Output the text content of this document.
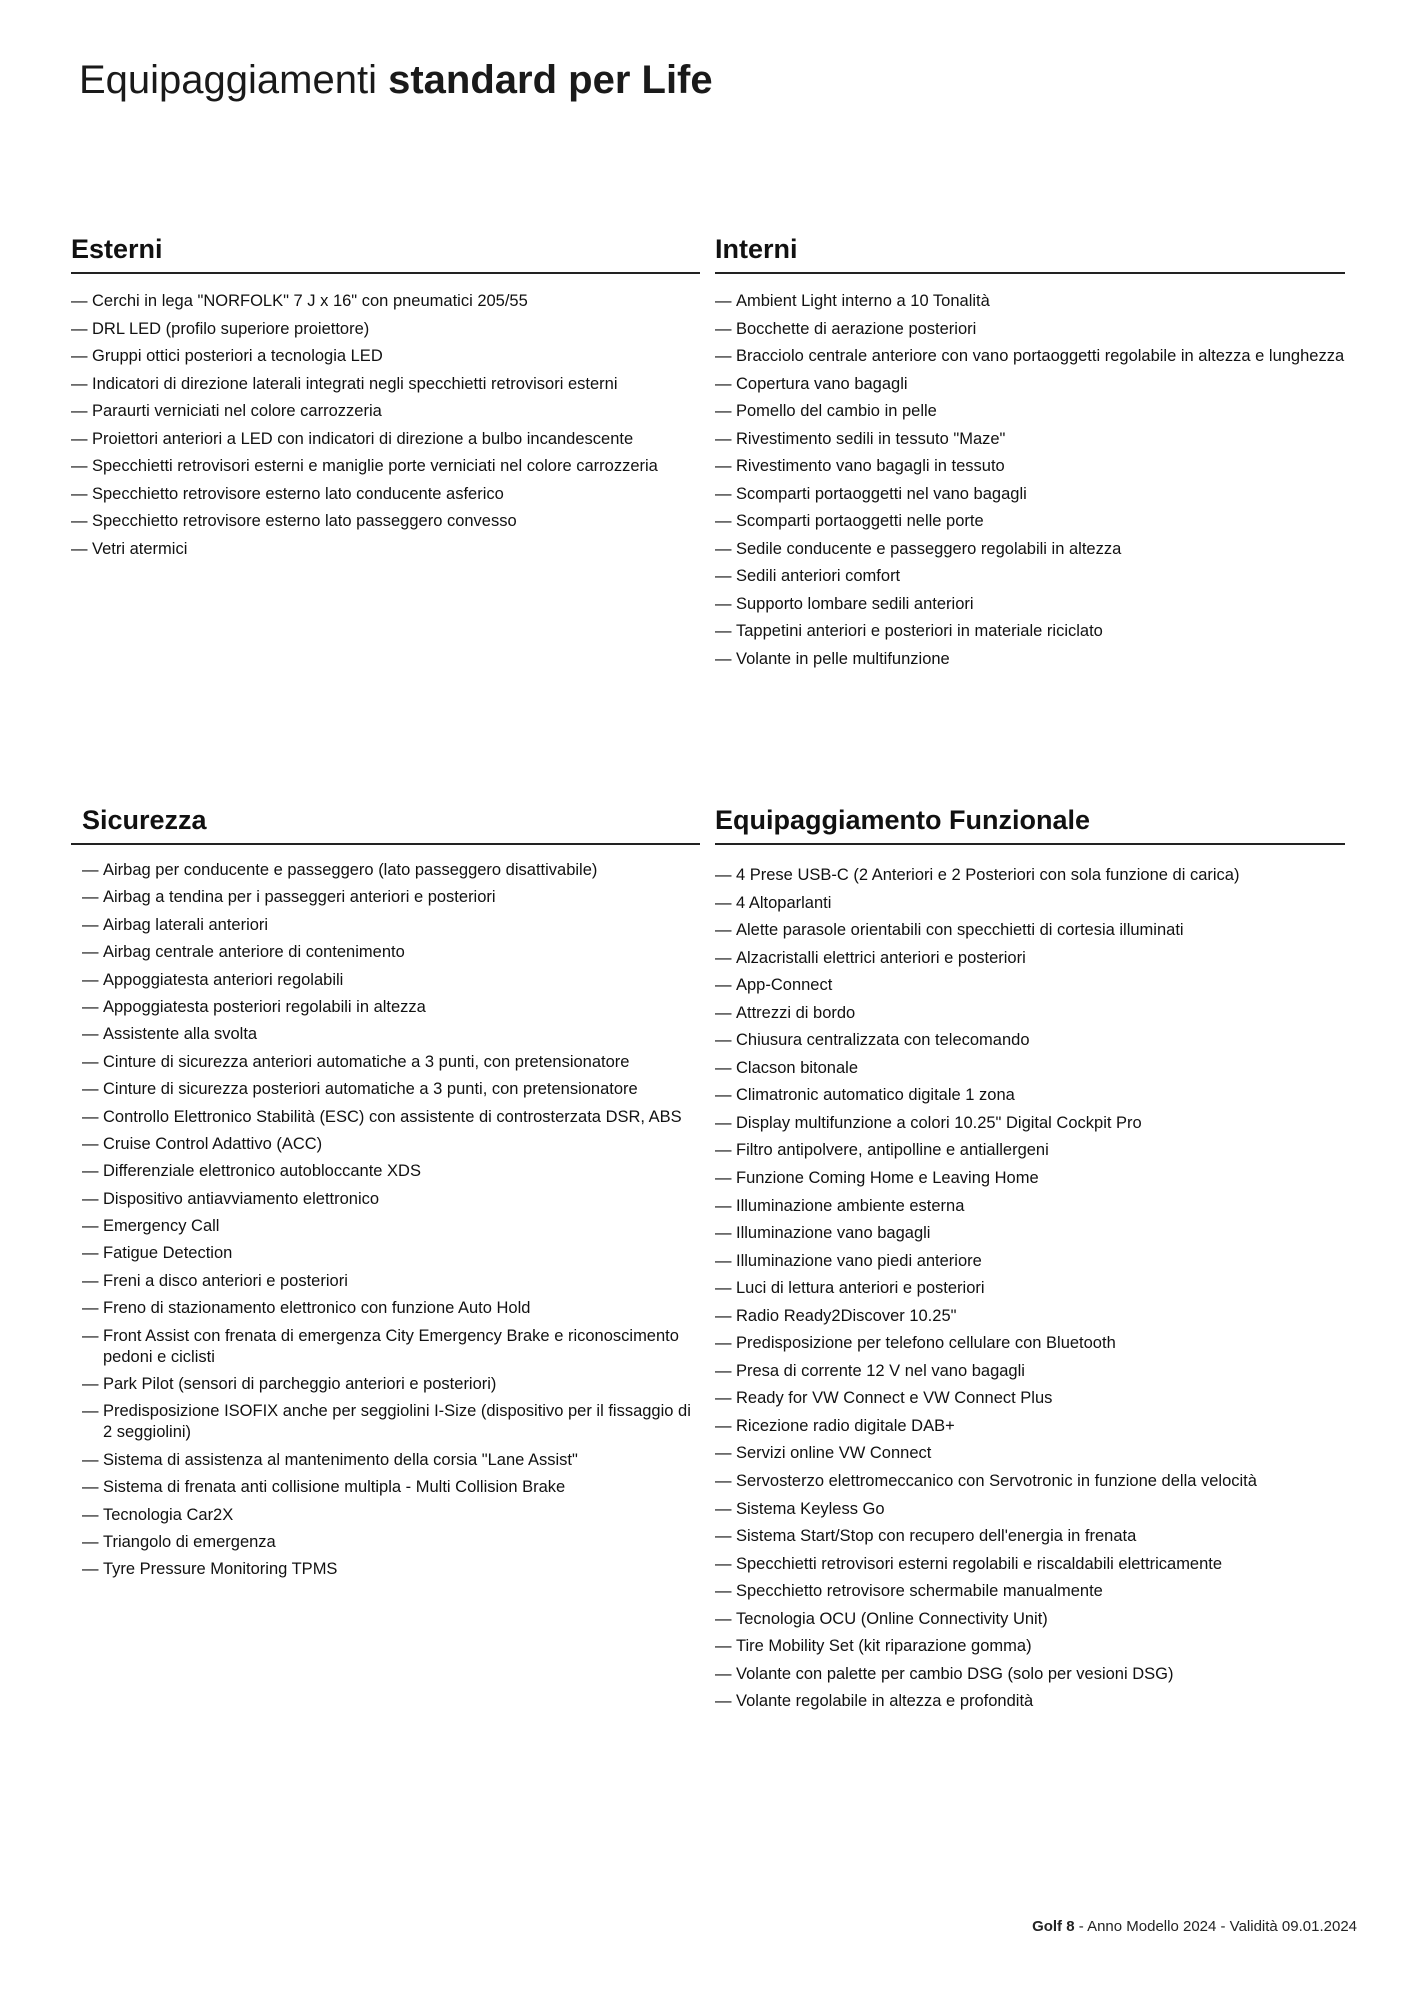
Equipaggiamenti standard per Life
Esterni
— Cerchi in lega "NORFOLK" 7 J x 16" con pneumatici 205/55
— DRL LED (profilo superiore proiettore)
— Gruppi ottici posteriori a tecnologia LED
— Indicatori di direzione laterali integrati negli specchietti retrovisori esterni
— Paraurti verniciati nel colore carrozzeria
— Proiettori anteriori a LED con indicatori di direzione a bulbo incandescente
— Specchietti retrovisori esterni e maniglie porte verniciati nel colore carrozzeria
— Specchietto retrovisore esterno lato conducente asferico
— Specchietto retrovisore esterno lato passeggero convesso
— Vetri atermici
Interni
— Ambient Light interno a 10 Tonalità
— Bocchette di aerazione posteriori
— Bracciolo centrale anteriore con vano portaoggetti regolabile in altezza e lunghezza
— Copertura vano bagagli
— Pomello del cambio in pelle
— Rivestimento sedili in tessuto "Maze"
— Rivestimento vano bagagli in tessuto
— Scomparti portaoggetti nel vano bagagli
— Scomparti portaoggetti nelle porte
— Sedile conducente e passeggero regolabili in altezza
— Sedili anteriori comfort
— Supporto lombare sedili anteriori
— Tappetini anteriori e posteriori in materiale riciclato
— Volante in pelle multifunzione
Sicurezza
— Airbag per conducente e passeggero (lato passeggero disattivabile)
— Airbag a tendina per i passeggeri anteriori e posteriori
— Airbag laterali anteriori
— Airbag centrale anteriore di contenimento
— Appoggiatesta anteriori regolabili
— Appoggiatesta posteriori regolabili in altezza
— Assistente alla svolta
— Cinture di sicurezza anteriori automatiche a 3 punti, con pretensionatore
— Cinture di sicurezza posteriori automatiche a 3 punti, con pretensionatore
— Controllo Elettronico Stabilità (ESC) con assistente di controsterzata DSR, ABS
— Cruise Control Adattivo (ACC)
— Differenziale elettronico autobloccante XDS
— Dispositivo antiavviamento elettronico
— Emergency Call
— Fatigue Detection
— Freni a disco anteriori e posteriori
— Freno di stazionamento elettronico con funzione Auto Hold
— Front Assist con frenata di emergenza City Emergency Brake e riconoscimento pedoni e ciclisti
— Park Pilot (sensori di parcheggio anteriori e posteriori)
— Predisposizione ISOFIX anche per seggiolini I-Size (dispositivo per il fissaggio di 2 seggiolini)
— Sistema di assistenza al mantenimento della corsia "Lane Assist"
— Sistema di frenata anti collisione multipla - Multi Collision Brake
— Tecnologia Car2X
— Triangolo di emergenza
— Tyre Pressure Monitoring TPMS
Equipaggiamento Funzionale
— 4 Prese USB-C (2 Anteriori e 2 Posteriori con sola funzione di carica)
— 4 Altoparlanti
— Alette parasole orientabili con specchietti di cortesia illuminati
— Alzacristalli elettrici anteriori e posteriori
— App-Connect
— Attrezzi di bordo
— Chiusura centralizzata con telecomando
— Clacson bitonale
— Climatronic automatico digitale 1 zona
— Display multifunzione a colori 10.25" Digital Cockpit Pro
— Filtro antipolvere, antipolline e antiallergeni
— Funzione Coming Home e Leaving Home
— Illuminazione ambiente esterna
— Illuminazione vano bagagli
— Illuminazione vano piedi anteriore
— Luci di lettura anteriori e posteriori
— Radio Ready2Discover 10.25"
— Predisposizione per telefono cellulare con Bluetooth
— Presa di corrente 12 V nel vano bagagli
— Ready for VW Connect e VW Connect Plus
— Ricezione radio digitale DAB+
— Servizi online VW Connect
— Servosterzo elettromeccanico con Servotronic in funzione della velocità
— Sistema Keyless Go
— Sistema Start/Stop con recupero dell'energia in frenata
— Specchietti retrovisori esterni regolabili e riscaldabili elettricamente
— Specchietto retrovisore schermabile manualmente
— Tecnologia OCU (Online Connectivity Unit)
— Tire Mobility Set (kit riparazione gomma)
— Volante con palette per cambio DSG (solo per vesioni DSG)
— Volante regolabile in altezza e profondità
Golf 8 - Anno Modello 2024 - Validità 09.01.2024
